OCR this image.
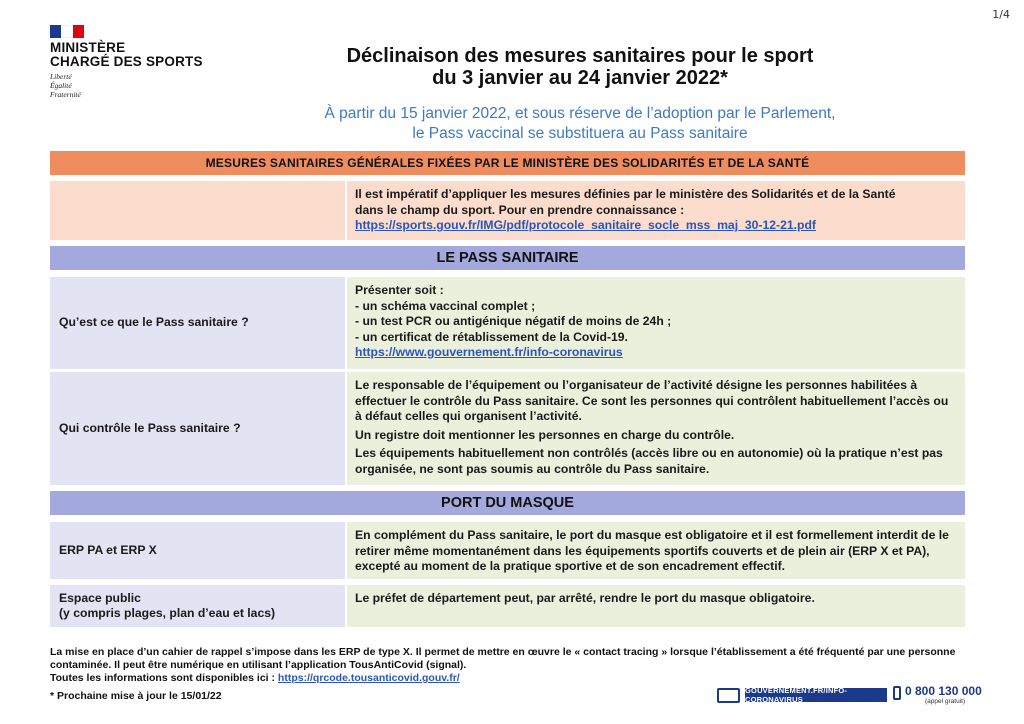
1/4
MINISTÈRE
CHARGÉ DES SPORTS
Liberté
Égalité
Fraternité
Déclinaison des mesures sanitaires pour le sport
du 3 janvier au 24 janvier 2022*
À partir du 15 janvier 2022, et sous réserve de l’adoption par le Parlement,
le Pass vaccinal se substituera au Pass sanitaire
MESURES SANITAIRES GÉNÉRALES FIXÉES PAR LE MINISTÈRE DES SOLIDARITÉS ET DE LA SANTÉ
Il est impératif d’appliquer les mesures définies par le ministère des Solidarités et de la Santé
dans le champ du sport. Pour en prendre connaissance :
https://sports.gouv.fr/IMG/pdf/protocole_sanitaire_socle_mss_maj_30-12-21.pdf
LE PASS SANITAIRE
Qu’est ce que le Pass sanitaire ?
Présenter soit :
- un schéma vaccinal complet ;
- un test PCR ou antigénique négatif de moins de 24h ;
- un certificat de rétablissement de la Covid-19.
https://www.gouvernement.fr/info-coronavirus
Qui contrôle le Pass sanitaire ?

Le responsable de l’équipement ou l’organisateur de l’activité désigne les personnes habilitées à effectuer le contrôle du Pass sanitaire. Ce sont les personnes qui contrôlent habituellement l’accès ou à défaut celles qui organisent l’activité.

Un registre doit mentionner les personnes en charge du contrôle.

Les équipements habituellement non contrôlés (accès libre ou en autonomie) où la pratique n’est pas organisée, ne sont pas soumis au contrôle du Pass sanitaire.

PORT DU MASQUE
ERP PA et ERP X

En complément du Pass sanitaire, le port du masque est obligatoire et il est formellement interdit de le retirer même momentanément dans les équipements sportifs couverts et de plein air (ERP X et PA), excepté au moment de la pratique sportive et de son encadrement effectif.

Espace public
(y compris plages, plan d’eau et lacs)

Le préfet de département peut, par arrêté, rendre le port du masque obligatoire.

La mise en place d’un cahier de rappel s’impose dans les ERP de type X. Il permet de mettre en œuvre le « contact tracing » lorsque l’établissement a été fréquenté par une personne contaminée. Il peut être numérique en utilisant l’application TousAntiCovid (signal).
Toutes les informations sont disponibles ici : https://qrcode.tousanticovid.gouv.fr/
* Prochaine mise à jour le 15/01/22	GOUVERNEMENT.FR/INFO-CORONAVIRUS
0 800 130 000
(appel gratuit)
